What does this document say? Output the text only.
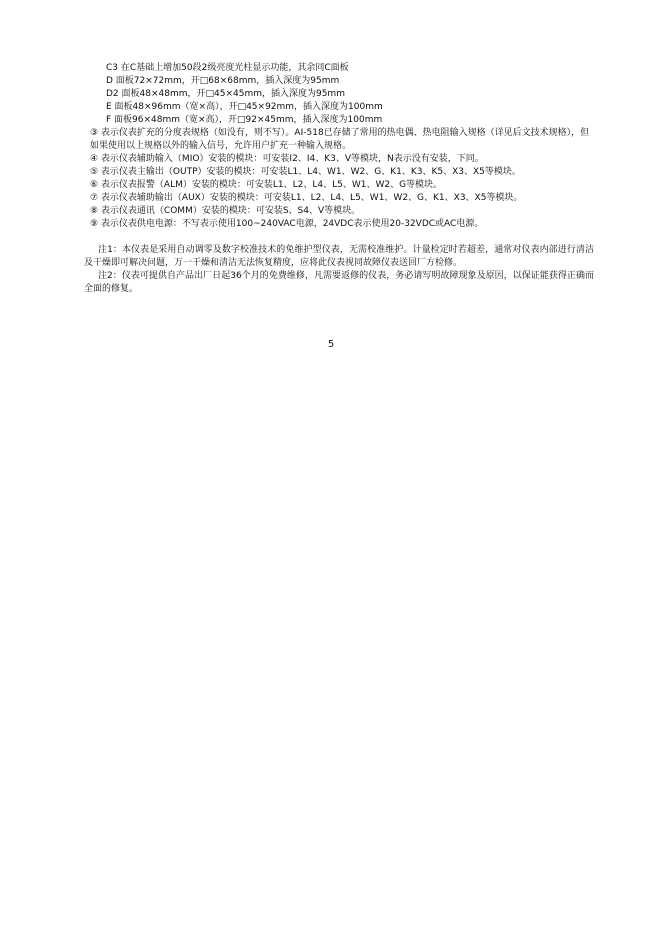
C3 在C基础上增加50段2级亮度光柱显示功能，其余同C面板
D 面板72×72mm，开□68×68mm，插入深度为95mm
D2 面板48×48mm，开□45×45mm，插入深度为95mm
E 面板48×96mm（宽×高），开□45×92mm，插入深度为100mm
F 面板96×48mm（宽×高），开□92×45mm，插入深度为100mm
③ 表示仪表扩充的分度表规格（如没有，则不写）。AI-518已存储了常用的热电偶、热电阻输入规格（详见后文技术规格），但如果使用以上规格以外的输入信号，允许用户扩充一种输入规格。
④ 表示仪表辅助输入（MIO）安装的模块：可安装I2、I4、K3、V等模块，N表示没有安装，下同。
⑤ 表示仪表主输出（OUTP）安装的模块：可安装L1、L4、W1、W2、G、K1、K3、K5、X3、X5等模块。
⑥ 表示仪表报警（ALM）安装的模块：可安装L1、L2、L4、L5、W1、W2、G等模块。
⑦ 表示仪表辅助输出（AUX）安装的模块：可安装L1、L2、L4、L5、W1、W2、G、K1、X3、X5等模块。
⑧ 表示仪表通讯（COMM）安装的模块：可安装S、S4、V等模块。
⑨ 表示仪表供电电源：不写表示使用100~240VAC电源，24VDC表示使用20-32VDC或AC电源。
注1：本仪表是采用自动调零及数字校准技术的免维护型仪表，无需校准维护。计量检定时若超差，通常对仪表内部进行清洁及干燥即可解决问题，万一干燥和清洁无法恢复精度，应将此仪表视同故障仪表送回厂方检修。
注2：仪表可提供自产品出厂日起36个月的免费维修，凡需要返修的仪表，务必请写明故障现象及原因，以保证能获得正确而全面的修复。
5
